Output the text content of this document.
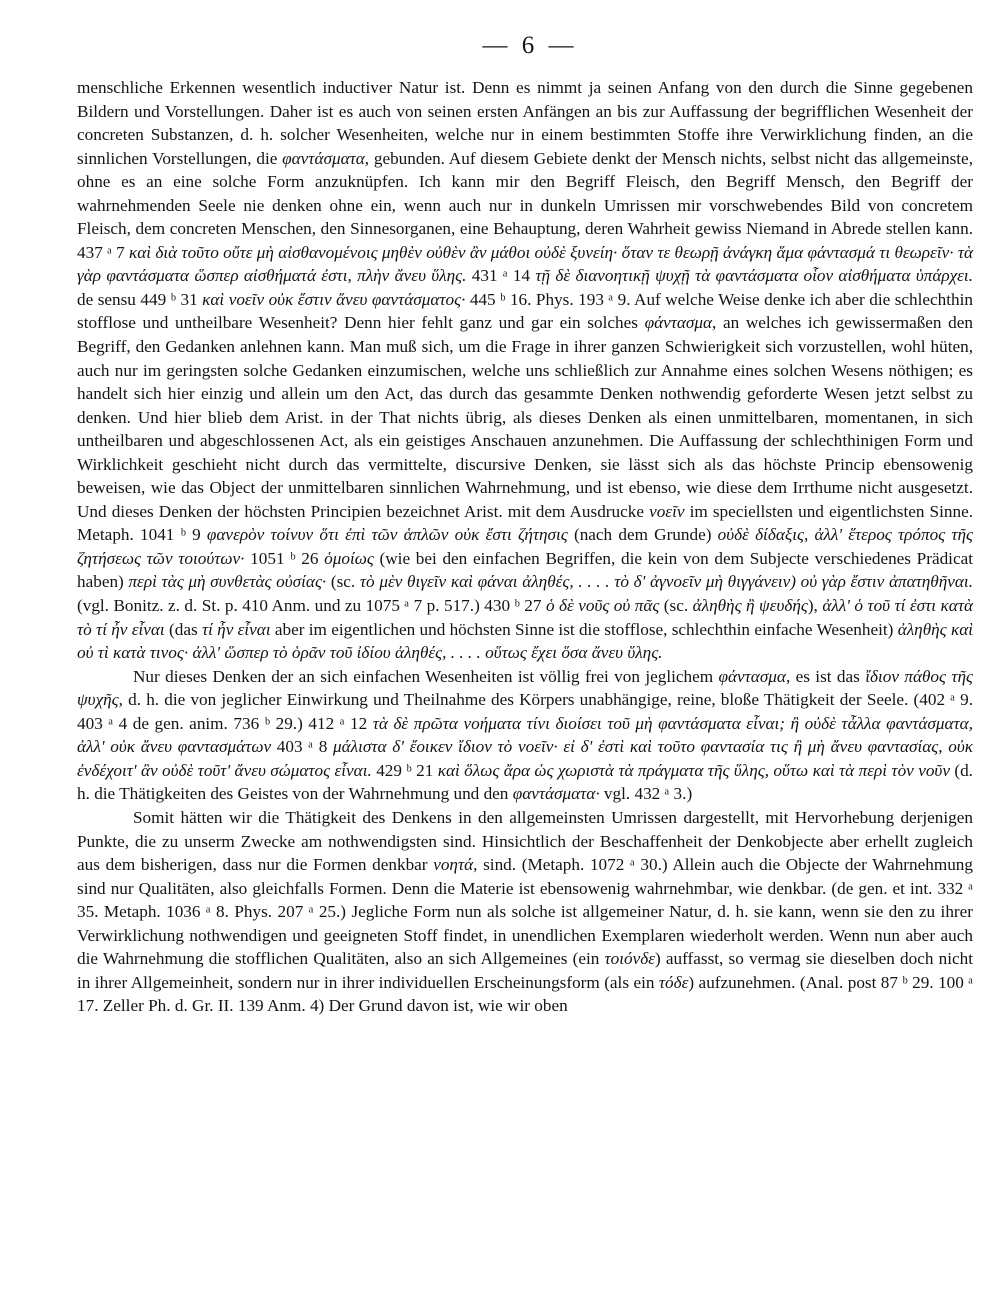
— 6 —

menschliche Erkennen wesentlich inductiver Natur ist. Denn es nimmt ja seinen Anfang von den durch die Sinne gegebenen Bildern und Vorstellungen. Daher ist es auch von seinen ersten Anfängen an bis zur Auffassung der begrifflichen Wesenheit der concreten Substanzen, d. h. solcher Wesenheiten, welche nur in einem bestimmten Stoffe ihre Verwirklichung finden, an die sinnlichen Vorstellungen, die φαντάσματα, gebunden. Auf diesem Gebiete denkt der Mensch nichts, selbst nicht das allgemeinste, ohne es an eine solche Form anzuknüpfen. Ich kann mir den Begriff Fleisch, den Begriff Mensch, den Begriff der wahrnehmenden Seele nie denken ohne ein, wenn auch nur in dunkeln Umrissen mir vorschwebendes Bild von concretem Fleisch, dem concreten Menschen, den Sinnesorganen, eine Behauptung, deren Wahrheit gewiss Niemand in Abrede stellen kann. 437 ᵃ 7 καὶ διὰ τοῦτο οὔτε μὴ αἰσθανομένοις μηθὲν οὐθὲν ἂν μάθοι οὐδὲ ξυνείη· ὅταν τε θεωρῇ ἀνάγκη ἅμα φάντασμά τι θεωρεῖν· τὰ γὰρ φαντάσματα ὥσπερ αἰσθήματά ἐστι, πλὴν ἄνευ ὕλης. 431 ᵃ 14 τῇ δὲ διανοητικῇ ψυχῇ τὰ φαντάσματα οἷον αἰσθήματα ὑπάρχει. de sensu 449 ᵇ 31 καὶ νοεῖν οὐκ ἔστιν ἄνευ φαντάσματος· 445 ᵇ 16. Phys. 193 ᵃ 9. Auf welche Weise denke ich aber die schlechthin stofflose und untheilbare Wesenheit? Denn hier fehlt ganz und gar ein solches φάντασμα, an welches ich gewissermaßen den Begriff, den Gedanken anlehnen kann. Man muß sich, um die Frage in ihrer ganzen Schwierigkeit sich vorzustellen, wohl hüten, auch nur im geringsten solche Gedanken einzumischen, welche uns schließlich zur Annahme eines solchen Wesens nöthigen; es handelt sich hier einzig und allein um den Act, das durch das gesammte Denken nothwendig geforderte Wesen jetzt selbst zu denken. Und hier blieb dem Arist. in der That nichts übrig, als dieses Denken als einen unmittelbaren, momentanen, in sich untheilbaren und abgeschlossenen Act, als ein geistiges Anschauen anzunehmen. Die Auffassung der schlechthinigen Form und Wirklichkeit geschieht nicht durch das vermittelte, discursive Denken, sie lässt sich als das höchste Princip ebensowenig beweisen, wie das Object der unmittelbaren sinnlichen Wahrnehmung, und ist ebenso, wie diese dem Irrthume nicht ausgesetzt. Und dieses Denken der höchsten Principien bezeichnet Arist. mit dem Ausdrucke νοεῖν im speciellsten und eigentlichsten Sinne. Metaph. 1041 ᵇ 9 φανερὸν τοίνυν ὅτι ἐπὶ τῶν ἁπλῶν οὐκ ἔστι ζήτησις (nach dem Grunde) οὐδὲ δίδαξις, ἀλλ' ἕτερος τρόπος τῆς ζητήσεως τῶν τοιούτων· 1051 ᵇ 26 ὁμοίως (wie bei den einfachen Begriffen, die kein von dem Subjecte verschiedenes Prädicat haben) περὶ τὰς μὴ συνθετὰς οὐσίας· (sc. τὸ μὲν θιγεῖν καὶ φάναι ἀληθές, . . . . τὸ δ' ἀγνοεῖν μὴ θιγγάνειν) οὐ γὰρ ἔστιν ἀπατηθῆναι. (vgl. Bonitz. z. d. St. p. 410 Anm. und zu 1075 ᵃ 7 p. 517.) 430 ᵇ 27 ὁ δὲ νοῦς οὐ πᾶς (sc. ἀληθὴς ἢ ψευδής), ἀλλ' ὁ τοῦ τί ἐστι κατὰ τὸ τί ἦν εἶναι (das τί ἦν εἶναι aber im eigentlichen und höchsten Sinne ist die stofflose, schlechthin einfache Wesenheit) ἀληθὴς καὶ οὐ τὶ κατὰ τινος· ἀλλ' ὥσπερ τὸ ὁρᾶν τοῦ ἰδίου ἀληθές, . . . . οὕτως ἔχει ὅσα ἄνευ ὕλης.

Nur dieses Denken der an sich einfachen Wesenheiten ist völlig frei von jeglichem φάντασμα, es ist das ἴδιον πάθος τῆς ψυχῆς, d. h. die von jeglicher Einwirkung und Theilnahme des Körpers unabhängige, reine, bloße Thätigkeit der Seele. (402 ᵃ 9. 403 ᵃ 4 de gen. anim. 736 ᵇ 29.) 412 ᵃ 12 τὰ δὲ πρῶτα νοήματα τίνι διοίσει τοῦ μὴ φαντάσματα εἶναι; ἢ οὐδὲ τἆλλα φαντάσματα, ἀλλ' οὐκ ἄνευ φαντασμάτων 403 ᵃ 8 μάλιστα δ' ἔοικεν ἴδιον τὸ νοεῖν· εἰ δ' ἐστὶ καὶ τοῦτο φαντασία τις ἢ μὴ ἄνευ φαντασίας, οὐκ ἐνδέχοιτ' ἂν οὐδὲ τοῦτ' ἄνευ σώματος εἶναι. 429 ᵇ 21 καὶ ὅλως ἄρα ὡς χωριστὰ τὰ πράγματα τῆς ὕλης, οὕτω καὶ τὰ περὶ τὸν νοῦν (d. h. die Thätigkeiten des Geistes von der Wahrnehmung und den φαντάσματα· vgl. 432 ᵃ 3.)

Somit hätten wir die Thätigkeit des Denkens in den allgemeinsten Umrissen dargestellt, mit Hervorhebung derjenigen Punkte, die zu unserm Zwecke am nothwendigsten sind. Hinsichtlich der Beschaffenheit der Denkobjecte aber erhellt zugleich aus dem bisherigen, dass nur die Formen denkbar νοητά, sind. (Metaph. 1072 ᵃ 30.) Allein auch die Objecte der Wahrnehmung sind nur Qualitäten, also gleichfalls Formen. Denn die Materie ist ebensowenig wahrnehmbar, wie denkbar. (de gen. et int. 332 ᵃ 35. Metaph. 1036 ᵃ 8. Phys. 207 ᵃ 25.) Jegliche Form nun als solche ist allgemeiner Natur, d. h. sie kann, wenn sie den zu ihrer Verwirklichung nothwendigen und geeigneten Stoff findet, in unendlichen Exemplaren wiederholt werden. Wenn nun aber auch die Wahrnehmung die stofflichen Qualitäten, also an sich Allgemeines (ein τοιόνδε) auffasst, so vermag sie dieselben doch nicht in ihrer Allgemeinheit, sondern nur in ihrer individuellen Erscheinungsform (als ein τόδε) aufzunehmen. (Anal. post 87 ᵇ 29. 100 ᵃ 17. Zeller Ph. d. Gr. II. 139 Anm. 4) Der Grund davon ist, wie wir oben
